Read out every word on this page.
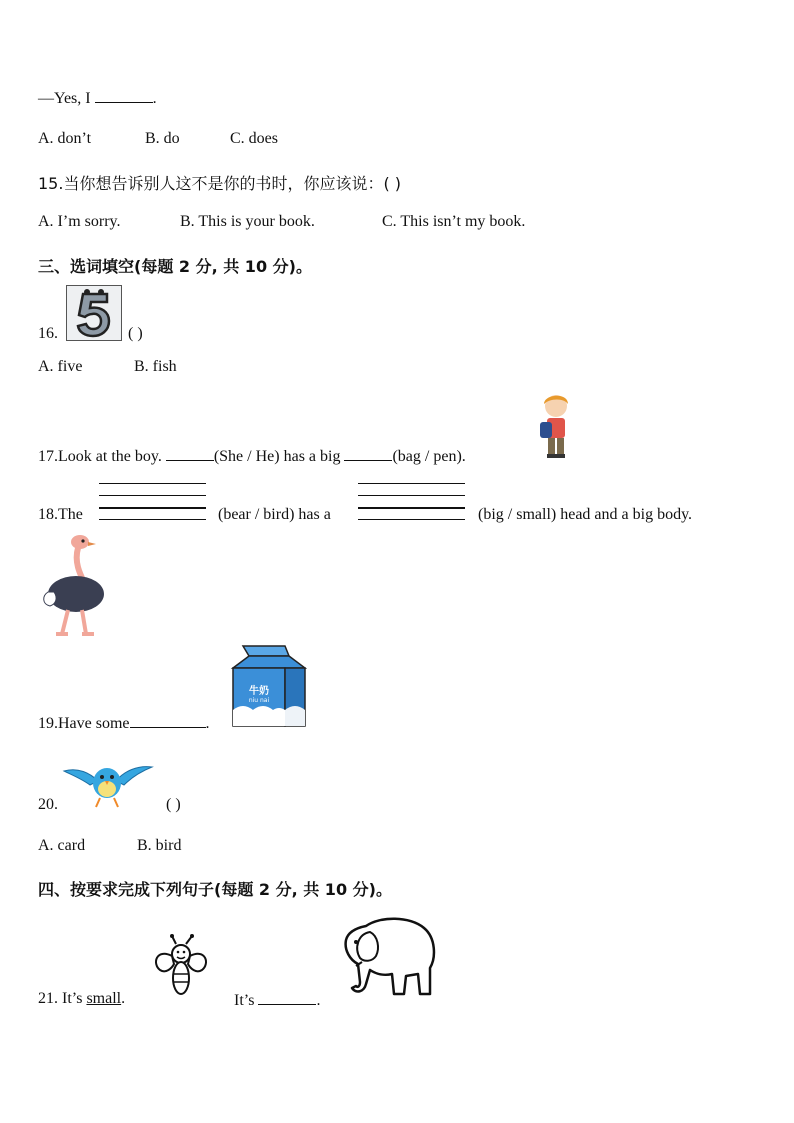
—Yes, I	.
A. don’t	B. do	C. does
15.当你想告诉别人这不是你的书时，你应该说：( )
A. I’m sorry.	B. This is your book.	C. This isn’t my book.
三、选词填空(每题 2 分, 共 10 分)。
16.	( )
A. five	B. fish
17.Look at the boy.	(She / He) has a big	(bag / pen).
18.The	(bear / bird) has a	(big / small) head and a big body.
19.Have some	.
牛奶
niu nai
20.	( )
A. card	B. bird
四、按要求完成下列句子(每题 2 分, 共 10 分)。
21. It’s small.	It’s	.
